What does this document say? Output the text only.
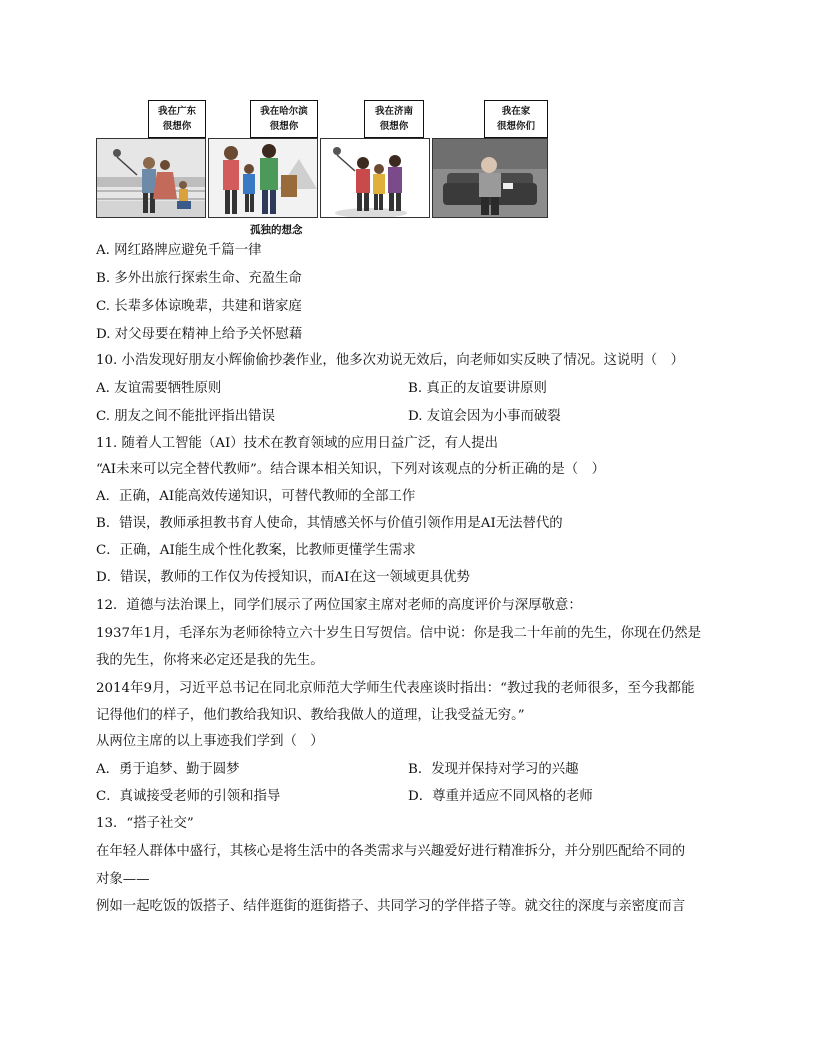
我在广东
很想你
我在哈尔滨
很想你
我在济南
很想你
我在家
很想你们
孤独的想念
A. 网红路牌应避免千篇一律
B. 多外出旅行探索生命、充盈生命
C. 长辈多体谅晚辈，共建和谐家庭
D. 对父母要在精神上给予关怀慰藉
10. 小浩发现好朋友小辉偷偷抄袭作业，他多次劝说无效后，向老师如实反映了情况。这说明（　）
A. 友谊需要牺牲原则	B. 真正的友谊要讲原则
C. 朋友之间不能批评指出错误	D. 友谊会因为小事而破裂
11. 随着人工智能（AI）技术在教育领域的应用日益广泛，有人提出
“AI未来可以完全替代教师”。结合课本相关知识，下列对该观点的分析正确的是（　）
A．正确，AI能高效传递知识，可替代教师的全部工作
B．错误，教师承担教书育人使命，其情感关怀与价值引领作用是AI无法替代的
C．正确，AI能生成个性化教案，比教师更懂学生需求
D．错误，教师的工作仅为传授知识，而AI在这一领域更具优势
12．道德与法治课上，同学们展示了两位国家主席对老师的高度评价与深厚敬意：
1937年1月，毛泽东为老师徐特立六十岁生日写贺信。信中说：你是我二十年前的先生，你现在仍然是
我的先生，你将来必定还是我的先生。
2014年9月，习近平总书记在同北京师范大学师生代表座谈时指出：“教过我的老师很多，至今我都能
记得他们的样子，他们教给我知识、教给我做人的道理，让我受益无穷。”
从两位主席的以上事迹我们学到（　）
A．勇于追梦、勤于圆梦	B．发现并保持对学习的兴趣
C．真诚接受老师的引领和指导	D．尊重并适应不同风格的老师
13．“搭子社交”
在年轻人群体中盛行，其核心是将生活中的各类需求与兴趣爱好进行精准拆分，并分别匹配给不同的
对象——
例如一起吃饭的饭搭子、结伴逛街的逛街搭子、共同学习的学伴搭子等。就交往的深度与亲密度而言
